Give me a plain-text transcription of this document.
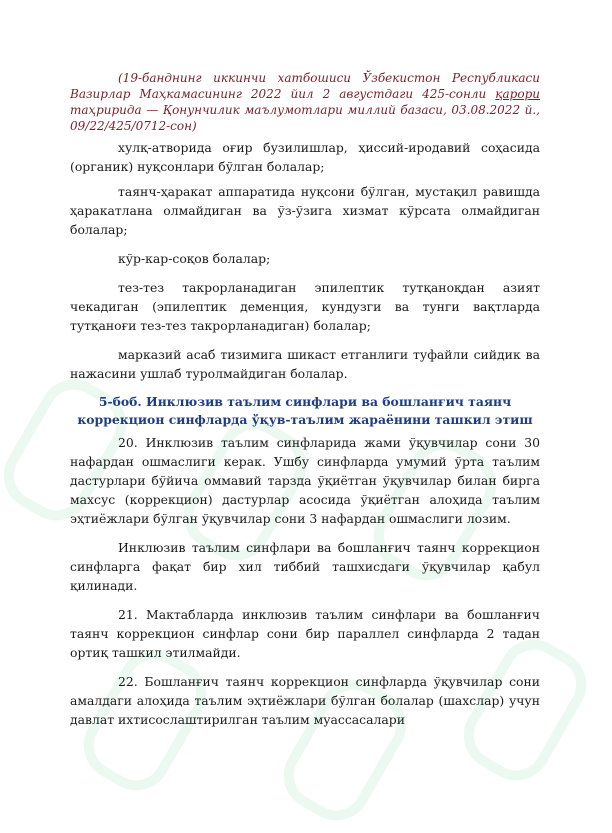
(19-банднинг иккинчи хатбошиси Ўзбекистон Республикаси Вазирлар Маҳкамасининг 2022 йил 2 августдаги 425-сонли қарори таҳририда — Қонунчилик маълумотлари миллий базаси, 03.08.2022 й., 09/22/425/0712-сон)

хулқ-атворида оғир бузилишлар, ҳиссий-иродавий соҳасида (органик) нуқсонлари бўлган болалар;

таянч-ҳаракат аппаратида нуқсони бўлган, мустақил равишда ҳаракатлана олмайдиган ва ўз-ўзига хизмат кўрсата олмайдиган болалар;

кўр-кар-соқов болалар;

тез-тез такрорланадиган эпилептик тутқаноқдан азият чекадиган (эпилептик деменция, кундузги ва тунги вақтларда тутқаноғи тез-тез такрорланадиган) болалар;

марказий асаб тизимига шикаст етганлиги туфайли сийдик ва нажасини ушлаб туролмайдиган болалар.

5-боб. Инклюзив таълим синфлари ва бошланғич таянч коррекцион синфларда ўқув-таълим жараёнини ташкил этиш

20. Инклюзив таълим синфларида жами ўқувчилар сони 30 нафардан ошмаслиги керак. Ушбу синфларда умумий ўрта таълим дастурлари бўйича оммавий тарзда ўқиётган ўқувчилар билан бирга махсус (коррекцион) дастурлар асосида ўқиётган алоҳида таълим эҳтиёжлари бўлган ўқувчилар сони 3 нафардан ошмаслиги лозим.

Инклюзив таълим синфлари ва бошланғич таянч коррекцион синфларга фақат бир хил тиббий ташхисдаги ўқувчилар қабул қилинади.

21. Мактабларда инклюзив таълим синфлари ва бошланғич таянч коррекцион синфлар сони бир параллел синфларда 2 тадан ортиқ ташкил этилмайди.

22. Бошланғич таянч коррекцион синфларда ўқувчилар сони амалдаги алоҳида таълим эҳтиёжлари бўлган болалар (шахслар) учун давлат ихтисослаштирилган таълим муассасалари
